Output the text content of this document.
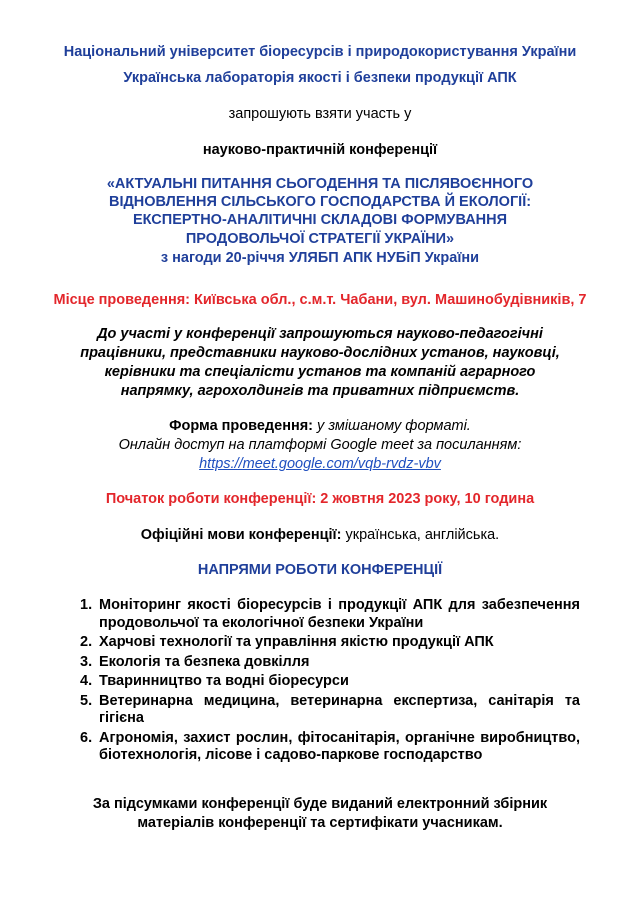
Національний університет біоресурсів і природокористування України
Українська лабораторія якості і безпеки продукції АПК
запрошують взяти участь у
науково-практичній конференції
«АКТУАЛЬНІ ПИТАННЯ СЬОГОДЕННЯ ТА ПІСЛЯВОЄННОГО
ВІДНОВЛЕННЯ СІЛЬСЬКОГО ГОСПОДАРСТВА Й ЕКОЛОГІЇ:
ЕКСПЕРТНО-АНАЛІТИЧНІ СКЛАДОВІ ФОРМУВАННЯ
ПРОДОВОЛЬЧОЇ СТРАТЕГІЇ УКРАЇНИ»
з нагоди 20-річчя УЛЯБП АПК НУБіП України
Місце проведення: Київська обл., с.м.т. Чабани, вул. Машинобудівників, 7
До участі у конференції запрошуються науково-педагогічні
працівники, представники науково-дослідних установ, науковці,
керівники та спеціалісти установ та компаній аграрного
напрямку, агрохолдингів та приватних підприємств.
Форма проведення: у змішаному форматі.
Онлайн доступ на платформі Google meet за посиланням:
https://meet.google.com/vqb-rvdz-vbv
Початок роботи конференції: 2 жовтня 2023 року, 10 година
Офіційні мови конференції: українська, англійська.
НАПРЯМИ РОБОТИ КОНФЕРЕНЦІЇ
1. Моніторинг якості біоресурсів і продукції АПК для забезпечення продовольчої та екологічної безпеки України
2. Харчові технології та управління якістю продукції АПК
3. Екологія та безпека довкілля
4. Тваринництво та водні біоресурси
5. Ветеринарна медицина, ветеринарна експертиза, санітарія та гігієна
6. Агрономія, захист рослин, фітосанітарія, органічне виробництво, біотехнологія, лісове і садово-паркове господарство
За підсумками конференції буде виданий електронний збірник
матеріалів конференції та сертифікати учасникам.
